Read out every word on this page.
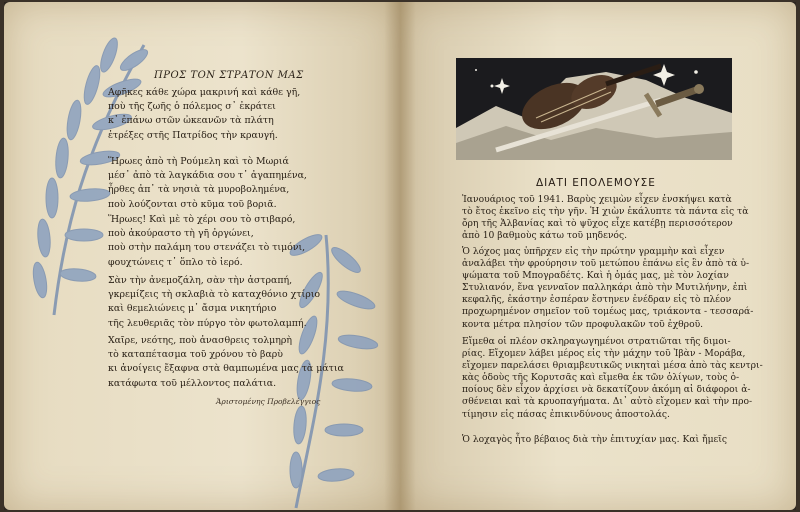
ΠΡΟΣ ΤΟΝ ΣΤΡΑΤΟΝ ΜΑΣ
Αφῆκες κάθε χώρα μακρινή καὶ κάθε γῆ,
ποὺ τῆς ζωῆς ὁ πόλεμος σ᾽ ἐκράτει
κ᾽ ἐπάνω στῶν ὠκεανῶν τὰ πλάτη
ἐτρέξες στῆς Πατρίδος τὴν κραυγή.
Ἥρωες ἀπὸ τὴ Ρούμελη καὶ τὸ Μωριά
μέσ᾽ ἀπὸ τὰ λαγκάδια σου τ᾽ ἀγαπημένα,
ἦρθες ἀπ᾽ τὰ νησιὰ τὰ μυροβολημένα,
ποὺ λούζονται στὸ κῦμα τοῦ βοριᾶ.
Ἥρωες! Καὶ μὲ τὸ χέρι σου τὸ στιβαρό,
ποὺ ἀκούραστο τὴ γῆ ὀργώνει,
ποὺ στὴν παλάμη του στενάζει τὸ τιμόνι,
φουχτώνεις τ᾽ ὅπλο τὸ ἱερό.
Σὰν τὴν ἀνεμοζάλη, σὰν τὴν ἀστραπή,
γκρεμίζεις τὴ σκλαβιὰ τὸ καταχθόνιο χτίριο
καὶ θεμελιώνεις μ᾽ ἄσμα νικητήριο
τῆς λευθεριᾶς τὸν πύργο τὸν φωτολαμπή.
Χαῖρε, νεότης, ποὺ ἀνασθρεις τολμηρὴ
τὸ καταπέτασμα τοῦ χρόνου τὸ βαρὺ
κι ἀνοίγεις ἔξαφνα στὰ θαμπωμένα μας τὰ μάτια
κατάφωτα τοῦ μέλλοντος παλάτια.
Ἀριστομένης Προβελέγγιος
ΔΙΑΤΙ ΕΠΟΛΕΜΟΥΣΕ
Ἰανουάριος τοῦ 1941. Βαρὺς χειμὼν εἶχεν ἐνσκήψει κατὰ
τὸ ἔτος ἐκεῖνο εἰς τὴν γῆν. Ἡ χιὼν ἐκάλυπτε τὰ πάντα εἰς τὰ
ὄρη τῆς Ἀλβανίας καὶ τὸ ψῦχος εἶχε κατέβῃ περισσότερον
ἀπὸ 10 βαθμοὺς κάτω τοῦ μηδενός.
Ὁ λόχος μας ὑπῆρχεν εἰς τὴν πρώτην γραμμὴν καὶ εἶχεν
ἀναλάβει τὴν φρούρησιν τοῦ μετώπου ἐπάνω εἰς ἓν ἀπὸ τὰ ὑ-
ψώματα τοῦ Μπογραδέτς. Καὶ ἡ ὁμάς μας, μὲ τὸν λοχίαν
Στυλιανόν, ἕνα γενναῖον παλληκάρι ἀπὸ τὴν Μυτιλήνην, ἐπὶ
κεφαλῆς, ἐκάστην ἑσπέραν ἔστηνεν ἐνέδραν εἰς τὸ πλέον
προχωρημένον σημεῖον τοῦ τομέως μας, τριάκοντα - τεσσαρά-
κοντα μέτρα πλησίον τῶν προφυλακῶν τοῦ ἐχθροῦ.
Εἴμεθα οἱ πλέον σκληραγωγημένοι στρατιῶται τῆς διμοι-
ρίας. Εἴχομεν λάβει μέρος εἰς τὴν μάχην τοῦ Ἰβὰν - Μοράβα,
εἴχομεν παρελάσει θριαμβευτικῶς νικηταὶ μέσα ἀπὸ τὰς κεντρι-
κὰς ὁδοὺς τῆς Κορυτσᾶς καὶ εἴμεθα ἐκ τῶν ὀλίγων, τοὺς ὁ-
ποίους δὲν εἶχον ἀρχίσει νὰ δεκατίζουν ἀκόμη αἱ διάφοροι ἀ-
σθένειαι καὶ τὰ κρυοπαγήματα. Δι᾽ αὐτὸ εἴχομεν καὶ τὴν προ-
τίμησιν εἰς πάσας ἐπικινδύνους ἀποστολάς.
Ὁ λοχαγὸς ἦτο βέβαιος διὰ τὴν ἐπιτυχίαν μας. Καὶ ἤμεῖς
